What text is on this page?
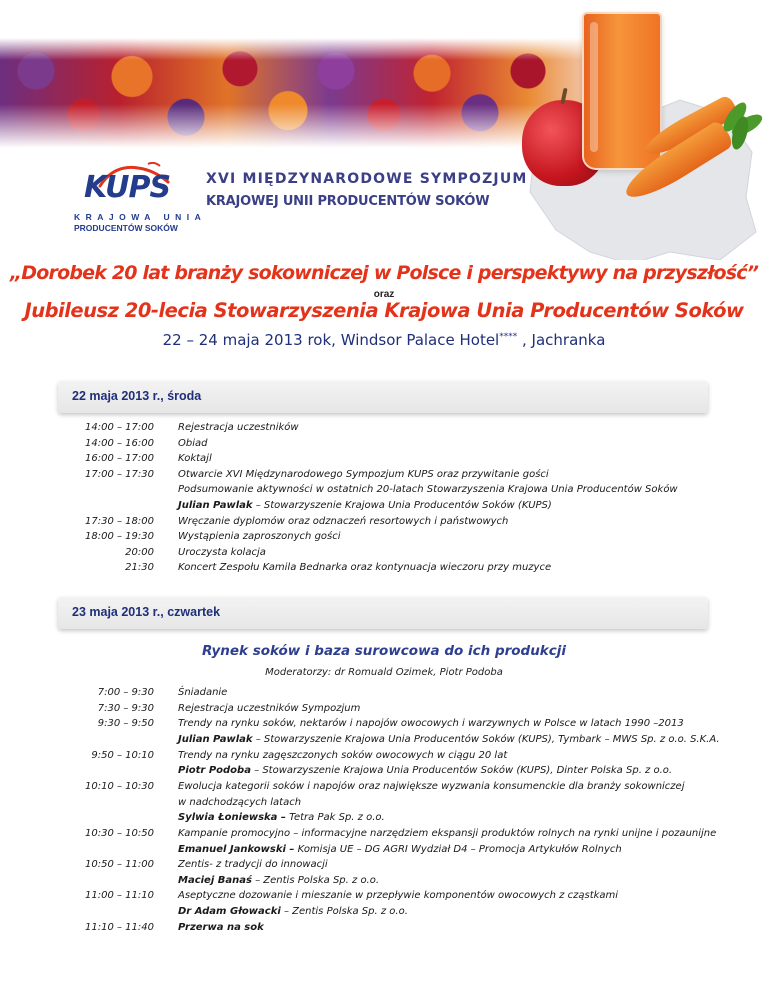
KUPS
KRAJOWA UNIA
PRODUCENTÓW SOKÓW
XVI MIĘDZYNARODOWE SYMPOZJUM
KRAJOWEJ UNII PRODUCENTÓW SOKÓW
„Dorobek 20 lat branży sokowniczej w Polsce i perspektywy na przyszłość”
oraz
Jubileusz 20-lecia Stowarzyszenia Krajowa Unia Producentów Soków
22 – 24 maja 2013 rok, Windsor Palace Hotel**** , Jachranka
22 maja 2013 r., środa
14:00 – 17:00 Rejestracja uczestników
14:00 – 16:00 Obiad
16:00 – 17:00 Koktajl
17:00 – 17:30 Otwarcie XVI Międzynarodowego Sympozjum KUPS oraz przywitanie gości
Podsumowanie aktywności w ostatnich 20-latach Stowarzyszenia Krajowa Unia Producentów Soków
Julian Pawlak – Stowarzyszenie Krajowa Unia Producentów Soków (KUPS)
17:30 – 18:00 Wręczanie dyplomów oraz odznaczeń resortowych i państwowych
18:00 – 19:30 Wystąpienia zaproszonych gości
20:00 Uroczysta kolacja
21:30 Koncert Zespołu Kamila Bednarka oraz kontynuacja wieczoru przy muzyce
23 maja 2013 r., czwartek
Rynek soków i baza surowcowa do ich produkcji
Moderatorzy: dr Romuald Ozimek, Piotr Podoba
7:00 – 9:30 Śniadanie
7:30 – 9:30 Rejestracja uczestników Sympozjum
9:30 – 9:50 Trendy na rynku soków, nektarów i napojów owocowych i warzywnych w Polsce w latach 1990 –2013
Julian Pawlak – Stowarzyszenie Krajowa Unia Producentów Soków (KUPS), Tymbark – MWS Sp. z o.o. S.K.A.
9:50 – 10:10 Trendy na rynku zagęszczonych soków owocowych w ciągu 20 lat
Piotr Podoba – Stowarzyszenie Krajowa Unia Producentów Soków (KUPS), Dinter Polska Sp. z o.o.
10:10 – 10:30 Ewolucja kategorii soków i napojów oraz największe wyzwania konsumenckie dla branży sokowniczej
w nadchodzących latach
Sylwia Łoniewska – Tetra Pak Sp. z o.o.
10:30 – 10:50 Kampanie promocyjno – informacyjne narzędziem ekspansji produktów rolnych na rynki unijne i pozaunijne
Emanuel Jankowski – Komisja UE – DG AGRI Wydział D4 – Promocja Artykułów Rolnych
10:50 – 11:00 Zentis- z tradycji do innowacji
Maciej Banaś – Zentis Polska Sp. z o.o.
11:00 – 11:10 Aseptyczne dozowanie i mieszanie w przepływie komponentów owocowych z cząstkami
Dr Adam Głowacki – Zentis Polska Sp. z o.o.
11:10 – 11:40 Przerwa na sok
